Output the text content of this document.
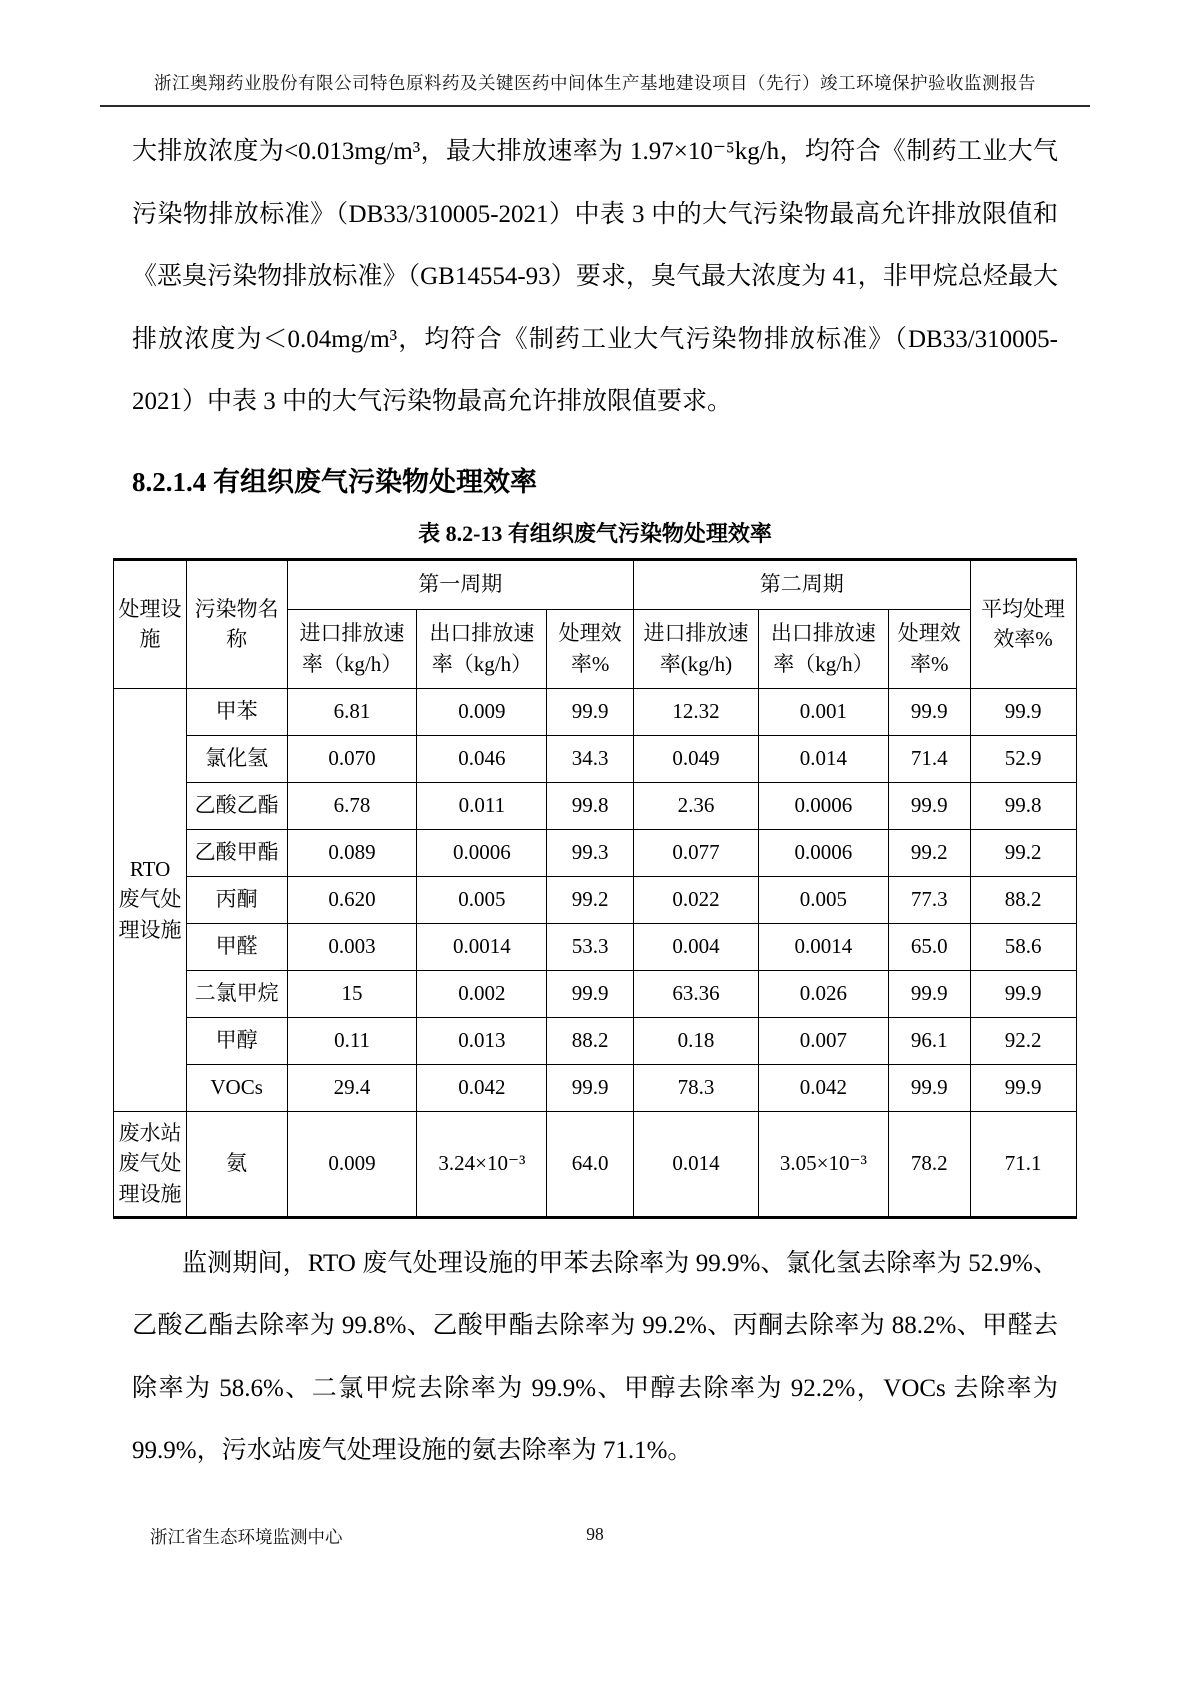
浙江奥翔药业股份有限公司特色原料药及关键医药中间体生产基地建设项目（先行）竣工环境保护验收监测报告

大排放浓度为<0.013mg/m³，最大排放速率为 1.97×10⁻⁵kg/h，均符合《制药工业大气污染物排放标准》（DB33/310005-2021）中表 3 中的大气污染物最高允许排放限值和《恶臭污染物排放标准》（GB14554-93）要求，臭气最大浓度为 41，非甲烷总烃最大排放浓度为＜0.04mg/m³，均符合《制药工业大气污染物排放标准》（DB33/310005-2021）中表 3 中的大气污染物最高允许排放限值要求。

8.2.1.4 有组织废气污染物处理效率
表 8.2-13 有组织废气污染物处理效率
处理设施	污染物名称	第一周期			第二周期			平均处理效率%
		进口排放速率（kg/h）	出口排放速率（kg/h）	处理效率%	进口排放速率(kg/h)	出口排放速率（kg/h）	处理效率%	
RTO 废气处理设施	甲苯	6.81	0.009	99.9	12.32	0.001	99.9	99.9
	氯化氢	0.070	0.046	34.3	0.049	0.014	71.4	52.9
	乙酸乙酯	6.78	0.011	99.8	2.36	0.0006	99.9	99.8
	乙酸甲酯	0.089	0.0006	99.3	0.077	0.0006	99.2	99.2
	丙酮	0.620	0.005	99.2	0.022	0.005	77.3	88.2
	甲醛	0.003	0.0014	53.3	0.004	0.0014	65.0	58.6
	二氯甲烷	15	0.002	99.9	63.36	0.026	99.9	99.9
	甲醇	0.11	0.013	88.2	0.18	0.007	96.1	92.2
	VOCs	29.4	0.042	99.9	78.3	0.042	99.9	99.9
废水站废气处理设施	氨	0.009	3.24×10⁻³	64.0	0.014	3.05×10⁻³	78.2	71.1

监测期间，RTO 废气处理设施的甲苯去除率为 99.9%、氯化氢去除率为 52.9%、乙酸乙酯去除率为 99.8%、乙酸甲酯去除率为 99.2%、丙酮去除率为 88.2%、甲醛去除率为 58.6%、二氯甲烷去除率为 99.9%、甲醇去除率为 92.2%，VOCs 去除率为 99.9%，污水站废气处理设施的氨去除率为 71.1%。

浙江省生态环境监测中心	98
